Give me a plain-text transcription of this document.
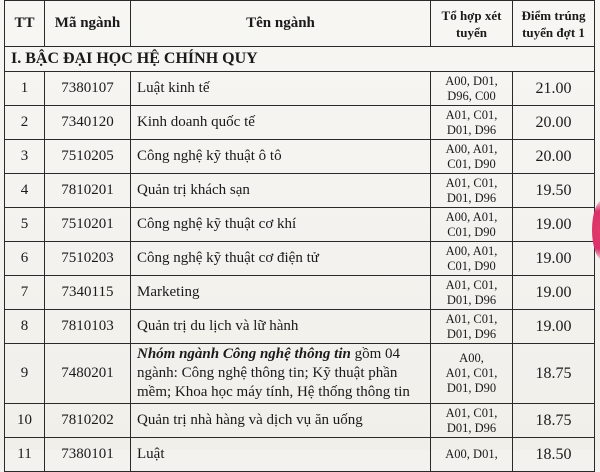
TT	Mã ngành	Tên ngành	Tổ hợp xét
tuyển	Điểm trúng
tuyển đợt 1
I. BẬC ĐẠI HỌC HỆ CHÍNH QUY				
1	7380107	Luật kinh tế	A00, D01,
D96, C00	21.00
2	7340120	Kinh doanh quốc tế	A01, C01,
D01, D96	20.00
3	7510205	Công nghệ kỹ thuật ô tô	A00, A01,
C01, D90	20.00
4	7810201	Quản trị khách sạn	A01, C01,
D01, D96	19.50
5	7510201	Công nghệ kỹ thuật cơ khí	A00, A01,
C01, D90	19.00
6	7510203	Công nghệ kỹ thuật cơ điện tử	A00, A01,
C01, D90	19.00
7	7340115	Marketing	A01, C01,
D01, D96	19.00
8	7810103	Quản trị du lịch và lữ hành	A01, C01,
D01, D96	19.00
9	7480201	Nhóm ngành Công nghệ thông tin gồm 04 ngành: Công nghệ thông tin; Kỹ thuật phần mềm; Khoa học máy tính, Hệ thống thông tin	A00,
A01, C01,
D01, D90	18.75
10	7810202	Quản trị nhà hàng và dịch vụ ăn uống	A01, C01,
D01, D96	18.75
11	7380101	Luật	A00, D01,	18.50
